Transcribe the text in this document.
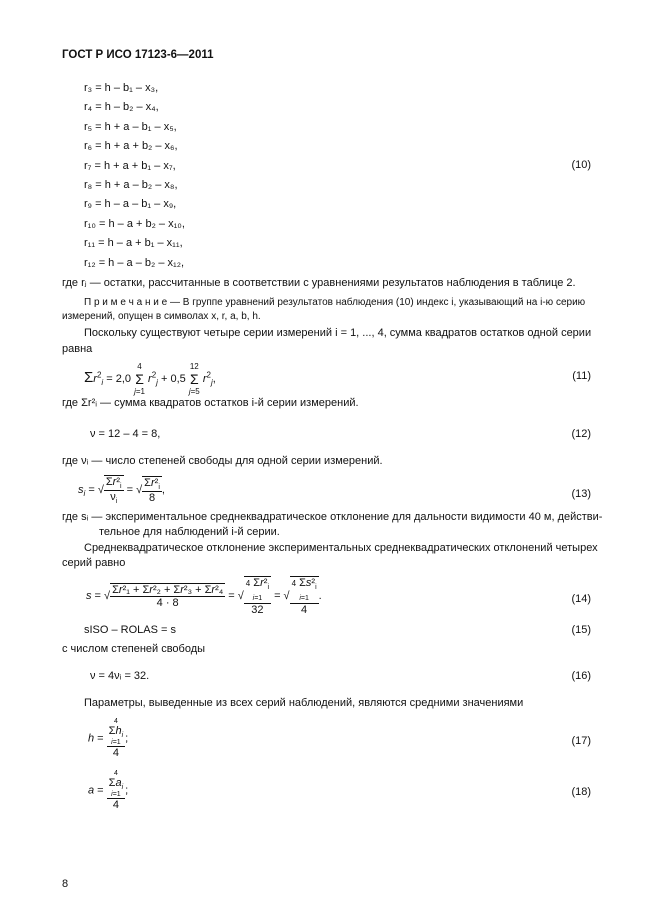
ГОСТ Р ИСО 17123-6—2011
r₃ = h – b₁ – x₃,
r₄ = h – b₂ – x₄,
r₅ = h + a – b₁ – x₅,
r₆ = h + a + b₂ – x₆,
r₇ = h + a + b₁ – x₇,
r₈ = h + a – b₂ – x₈,
r₉ = h – a – b₁ – x₉,
r₁₀ = h – a + b₂ – x₁₀,
r₁₁ = h – a + b₁ – x₁₁,
r₁₂ = h – a – b₂ – x₁₂,
(10)
где rⱼ — остатки, рассчитанные в соответствии с уравнениями результатов наблюдения в таблице 2.
П р и м е ч а н и е — В группе уравнений результатов наблюдения (10) индекс i, указывающий на i-ю серию
измерений, опущен в символах x, r, a, b, h.
Поскольку существуют четыре серии измерений i = 1, ..., 4, сумма квадратов остатков одной серии
равна
$\Sigma r^2_i = 2,0$
4
Σ
j=1
$r^2_j + 0,5$
12
Σ
j=5
$r^2_j$,	(11)
где Σr²ᵢ — сумма квадратов остатков i-й серии измерений.
ν = 12 – 4 = 8,	(12)
где νᵢ — число степеней свободы для одной серии измерений.
$s_i$ = √ $\frac{\Sigma r^2_i}{\nu_i}$ = √ $\frac{\Sigma r^2_i}{8}$ ,	(13)
где sᵢ — экспериментальное среднеквадратическое отклонение для дальности видимости 40 м, действи-
тельное для наблюдений i-й серии.
Среднеквадратическое отклонение экспериментальных среднеквадратических отклонений четырех
серий равно
s = √ $\frac{\text{Σr²₁ + Σr²₂ + Σr²₃ + Σr²₄}}{4 \cdot 8}$ = √
4 $\Sigma r^2_i$
i=1
32
= √
4 $\Sigma s^2_i$
i=1
4
.	(14)
sISO – ROLAS = s	(15)
с числом степеней свободы
ν = 4νᵢ = 32.	(16)
Параметры, выведенные из всех серий наблюдений, являются средними значениями
h = 4
$\Sigma h_i$
i=1
4 ;	(17)
a = 4
$\Sigma a_i$
i=1
4 ;	(18)
8
